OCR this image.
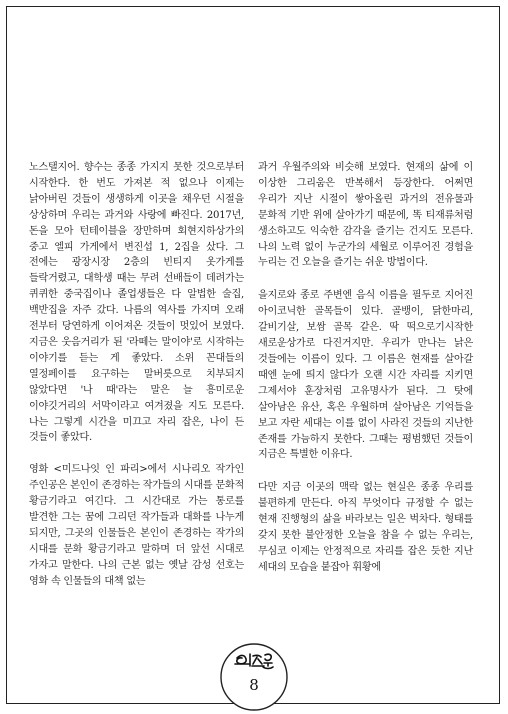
노스탤지어. 향수는 종종 가지지 못한 것으로부터 시작한다. 한 번도 가져본 적 없으나 이제는 낡아버린 것들이 생생하게 이곳을 채우던 시절을 상상하며 우리는 과거와 사랑에 빠진다. 2017년, 돈을 모아 턴테이블을 장만하며 회현지하상가의 중고 엘피 가게에서 변진섭 1, 2집을 샀다. 그 전에는 광장시장 2층의 빈티지 옷가게를 들락거렸고, 대학생 때는 무려 선배들이 데려가는 퀴퀴한 중국집이나 졸업생들은 다 알법한 술집, 백반집을 자주 갔다. 나름의 역사를 가지며 오래 전부터 당연하게 이어져온 것들이 멋있어 보였다. 지금은 웃음거리가 된 '라떼는 말이야'로 시작하는 이야기를 듣는 게 좋았다. 소위 꼰대들의 열정페이를 요구하는 말버릇으로 치부되지 않았다면 '나 때'라는 말은 늘 흥미로운 이야깃거리의 서막이라고 여겨졌을 지도 모른다. 나는 그렇게 시간을 미끄고 자리 잡은, 나이 든 것들이 좋았다.

영화 <미드나잇 인 파리>에서 시나리오 작가인 주인공은 본인이 존경하는 작가들의 시대를 문화적 황금기라고 여긴다. 그 시간대로 가는 통로를 발견한 그는 꿈에 그리던 작가들과 대화를 나누게 되지만, 그곳의 인물들은 본인이 존경하는 작가의 시대를 문화 황금기라고 말하며 더 앞선 시대로 가자고 말한다. 나의 근본 없는 옛날 감성 선호는 영화 속 인물들의 대책 없는

과거 우월주의와 비슷해 보였다. 현재의 삶에 이 이상한 그리움은 반복해서 등장한다. 어쩌면 우리가 지난 시절이 쌓아올린 과거의 전유물과 문화적 기반 위에 살아가기 때문에, 똑 티재류처럼 생소하고도 익숙한 감각을 즐기는 건지도 모른다. 나의 노력 없이 누군가의 세월로 이루어진 경험을 누리는 건 오늘을 즐기는 쉬운 방법이다.

을지로와 종로 주변엔 음식 이름을 필두로 지어진 아이코닉한 골목들이 있다. 골뱅이, 닭한마리, 갈비기살, 보쌈 골목 같은. 딱 떡으로기시작한 새로운상가로 다진거지만. 우리가 만나는 낡은 것들에는 이름이 있다. 그 이름은 현재를 살아갈 때엔 눈에 띄지 않다가 오랜 시간 자리를 지키면 그제서야 훈장처럼 고유명사가 된다. 그 탓에 살아남은 유산, 혹은 우월하며 살아남은 기억들을 보고 자란 세대는 이를 없이 사라진 것들의 지난한 존재를 가늠하지 못한다. 그때는 평범했던 것들이 지금은 특별한 이유다.

다만 지금 이곳의 맥락 없는 현실은 종종 우리를 불편하게 만든다. 아직 무엇이다 규정할 수 없는 현재 진행형의 삶을 바라보는 일은 벅차다. 형태를 갖지 못한 불안정한 오늘을 참을 수 없는 우리는, 무심코 이제는 안정적으로 자리를 잡은 듯한 지난 세대의 모습을 붙잡아 휘황에

8
